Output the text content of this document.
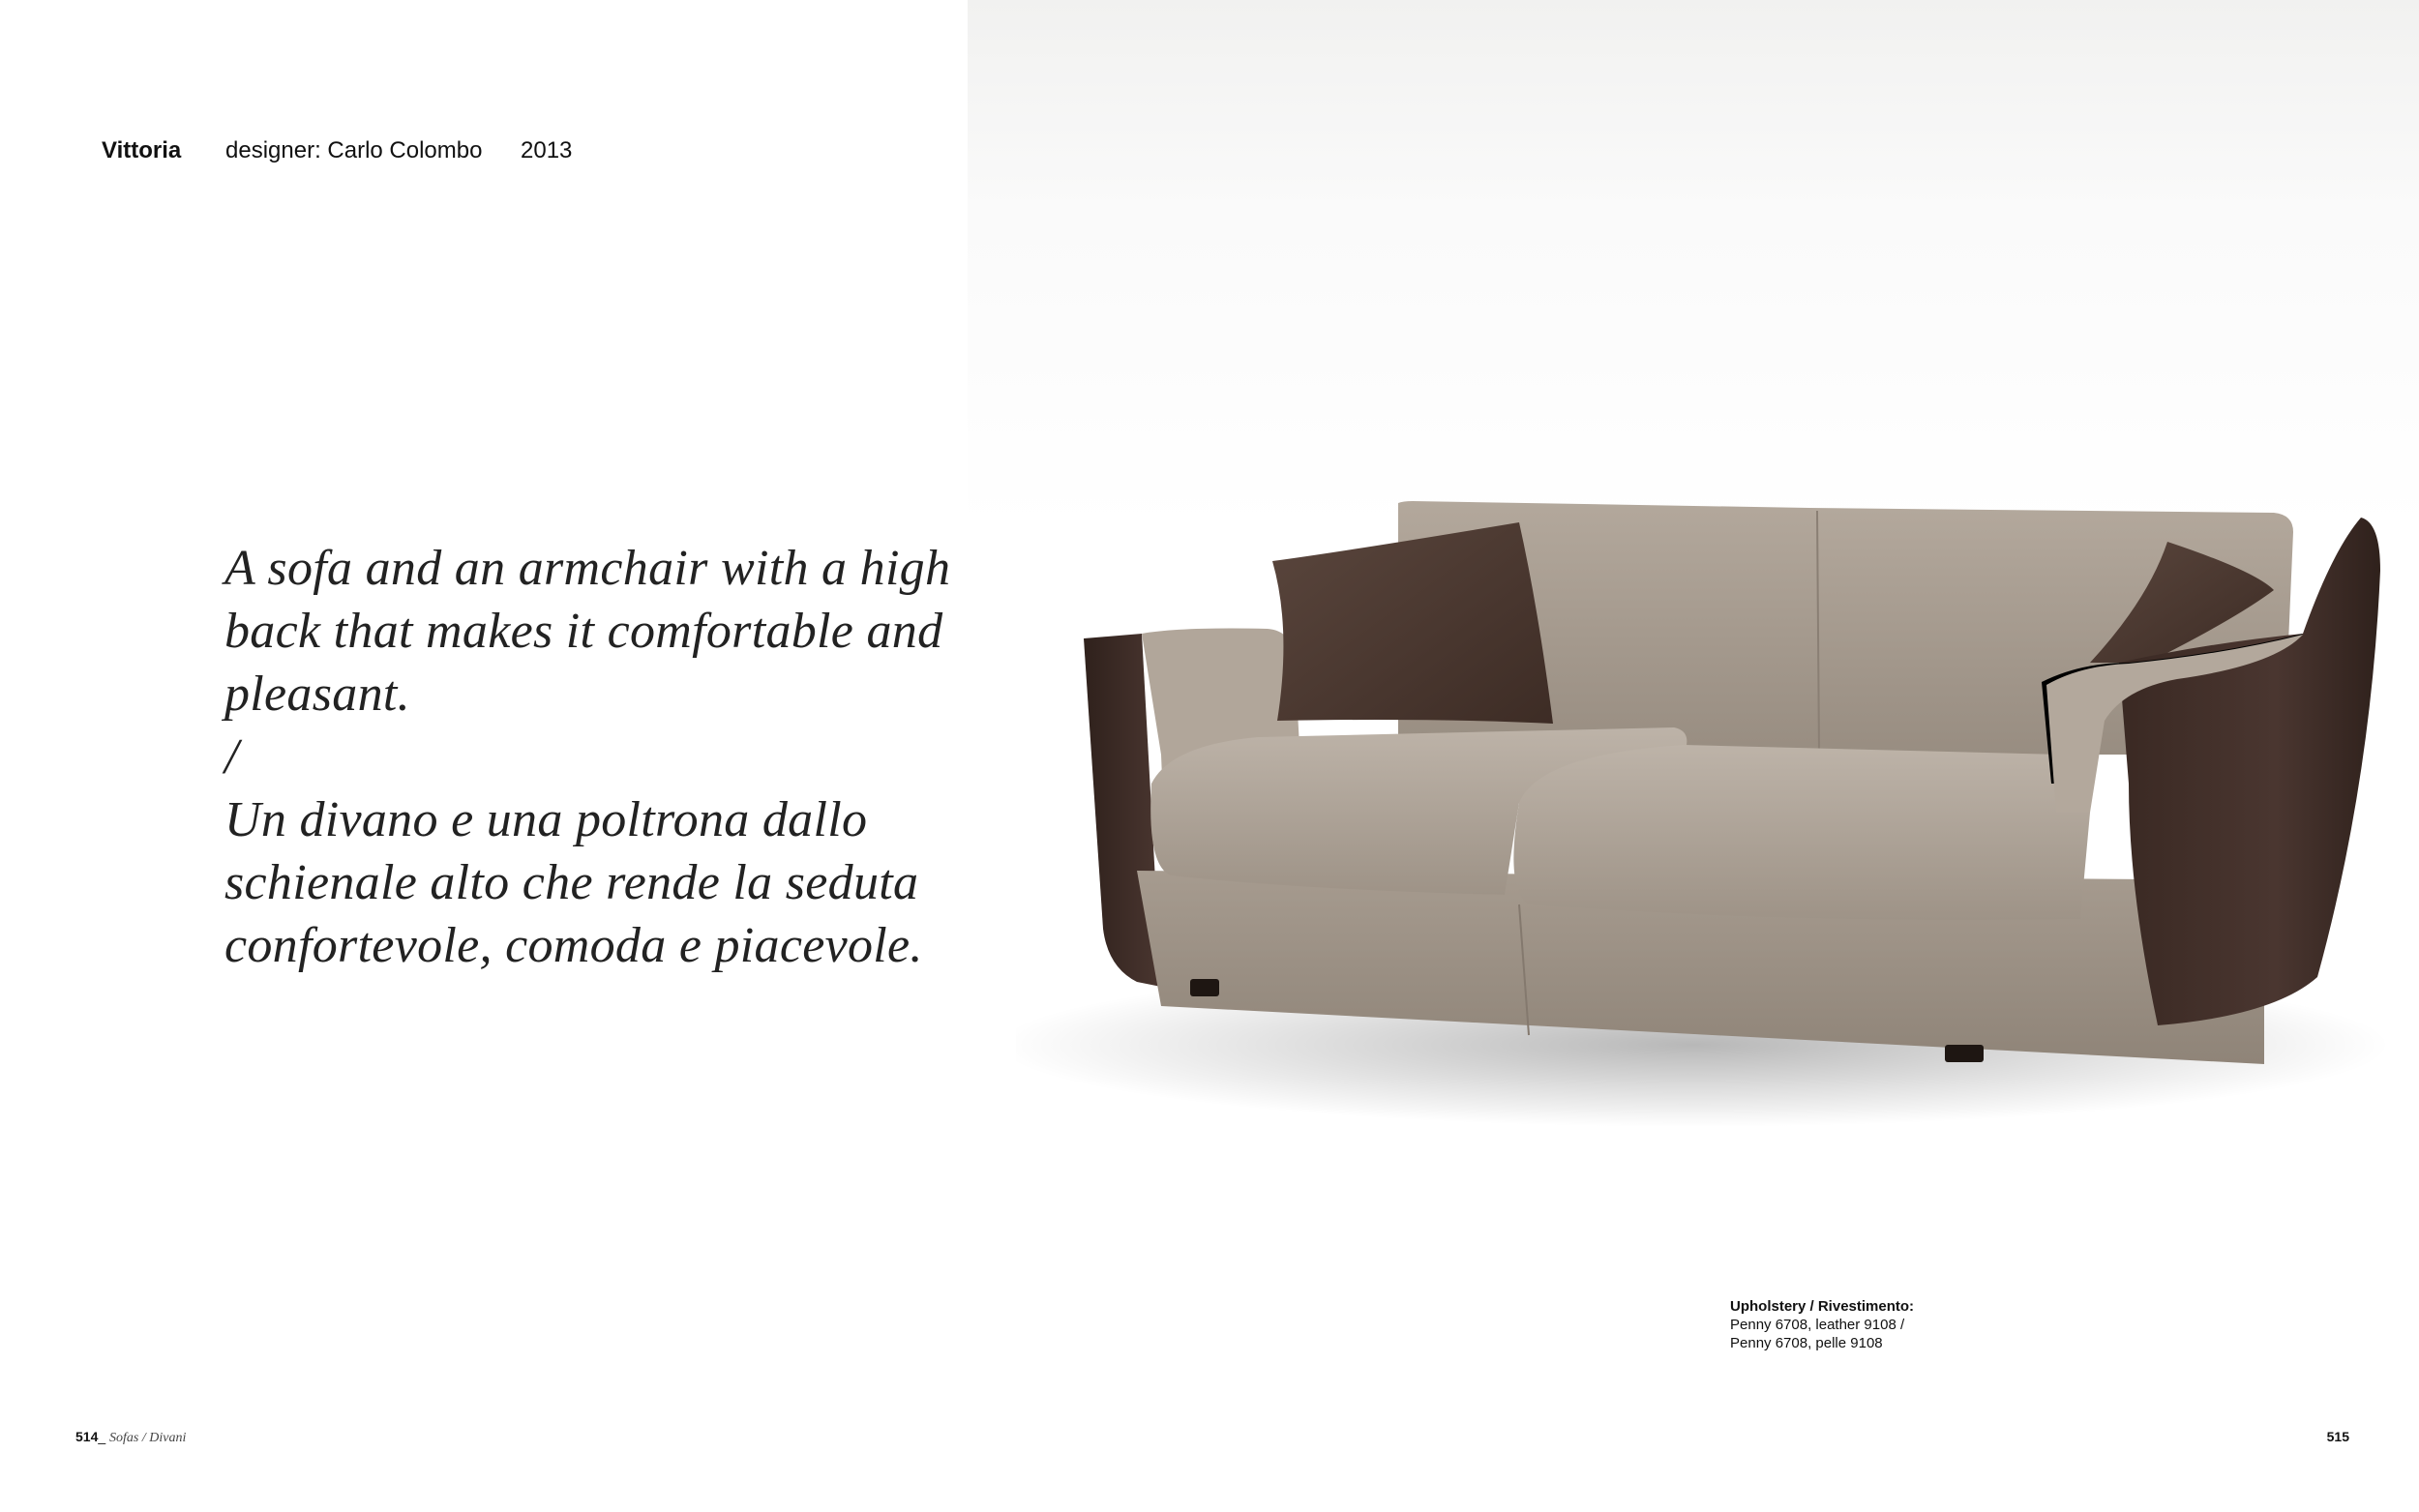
Vittoria designer: Carlo Colombo 2013
A sofa and an armchair with a high
back that makes it comfortable and
pleasant.
/
Un divano e una poltrona dallo
schienale alto che rende la seduta
confortevole, comoda e piacevole.
514_ Sofas / Divani
Upholstery / Rivestimento:
Penny 6708, leather 9108 /
Penny 6708, pelle 9108
515
